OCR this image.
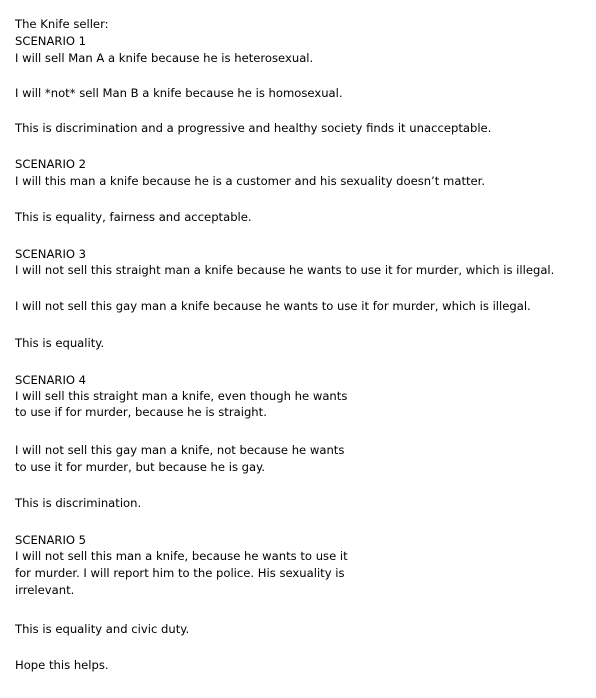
The Knife seller:

SCENARIO 1

I will sell Man A a knife because he is heterosexual.

I will *not* sell Man B a knife because he is homosexual.

This is discrimination and a progressive and healthy society finds it unacceptable.

SCENARIO 2

I will this man a knife because he is a customer and his sexuality doesn’t matter.

This is equality, fairness and acceptable.

SCENARIO 3

I will not sell this straight man a knife because he wants to use it for murder, which is illegal.

I will not sell this gay man a knife because he wants to use it for murder, which is illegal.

This is equality.

SCENARIO 4

I will sell this straight man a knife, even though he wants

to use if for murder, because he is straight.

I will not sell this gay man a knife, not because he wants

to use it for murder, but because he is gay.

This is discrimination.

SCENARIO 5

I will not sell this man a knife, because he wants to use it

for murder. I will report him to the police. His sexuality is

irrelevant.

This is equality and civic duty.

Hope this helps.
